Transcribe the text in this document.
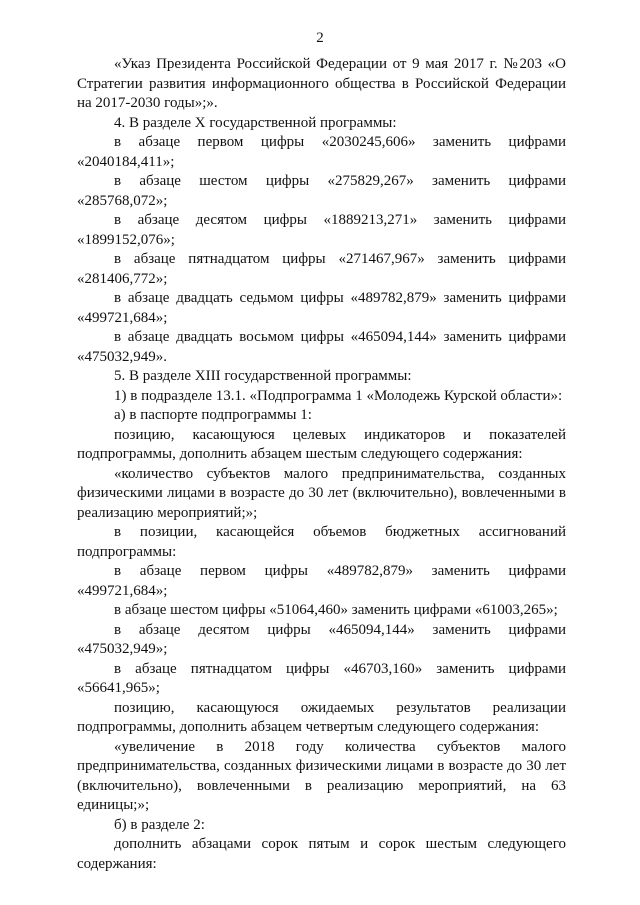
2

«Указ Президента Российской Федерации от 9 мая 2017 г. №203 «О Стратегии развития информационного общества в Российской Федерации на 2017-2030 годы»;».

4. В разделе X государственной программы:

в абзаце первом цифры «2030245,606» заменить цифрами «2040184,411»;

в абзаце шестом цифры «275829,267» заменить цифрами «285768,072»;

в абзаце десятом цифры «1889213,271» заменить цифрами «1899152,076»;

в абзаце пятнадцатом цифры «271467,967» заменить цифрами «281406,772»;

в абзаце двадцать седьмом цифры «489782,879» заменить цифрами «499721,684»;

в абзаце двадцать восьмом цифры «465094,144» заменить цифрами «475032,949».

5. В разделе XIII государственной программы:

1) в подразделе 13.1. «Подпрограмма 1 «Молодежь Курской области»:

а) в паспорте подпрограммы 1:

позицию, касающуюся целевых индикаторов и показателей подпрограммы, дополнить абзацем шестым следующего содержания:

«количество субъектов малого предпринимательства, созданных физическими лицами в возрасте до 30 лет (включительно), вовлеченными в реализацию мероприятий;»;

в позиции, касающейся объемов бюджетных ассигнований подпрограммы:

в абзаце первом цифры «489782,879» заменить цифрами «499721,684»;

в абзаце шестом цифры «51064,460» заменить цифрами «61003,265»;

в абзаце десятом цифры «465094,144» заменить цифрами «475032,949»;

в абзаце пятнадцатом цифры «46703,160» заменить цифрами «56641,965»;

позицию, касающуюся ожидаемых результатов реализации подпрограммы, дополнить абзацем четвертым следующего содержания:

«увеличение в 2018 году количества субъектов малого предпринимательства, созданных физическими лицами в возрасте до 30 лет (включительно), вовлеченными в реализацию мероприятий, на 63 единицы;»;

б) в разделе 2:

дополнить абзацами сорок пятым и сорок шестым следующего содержания:
